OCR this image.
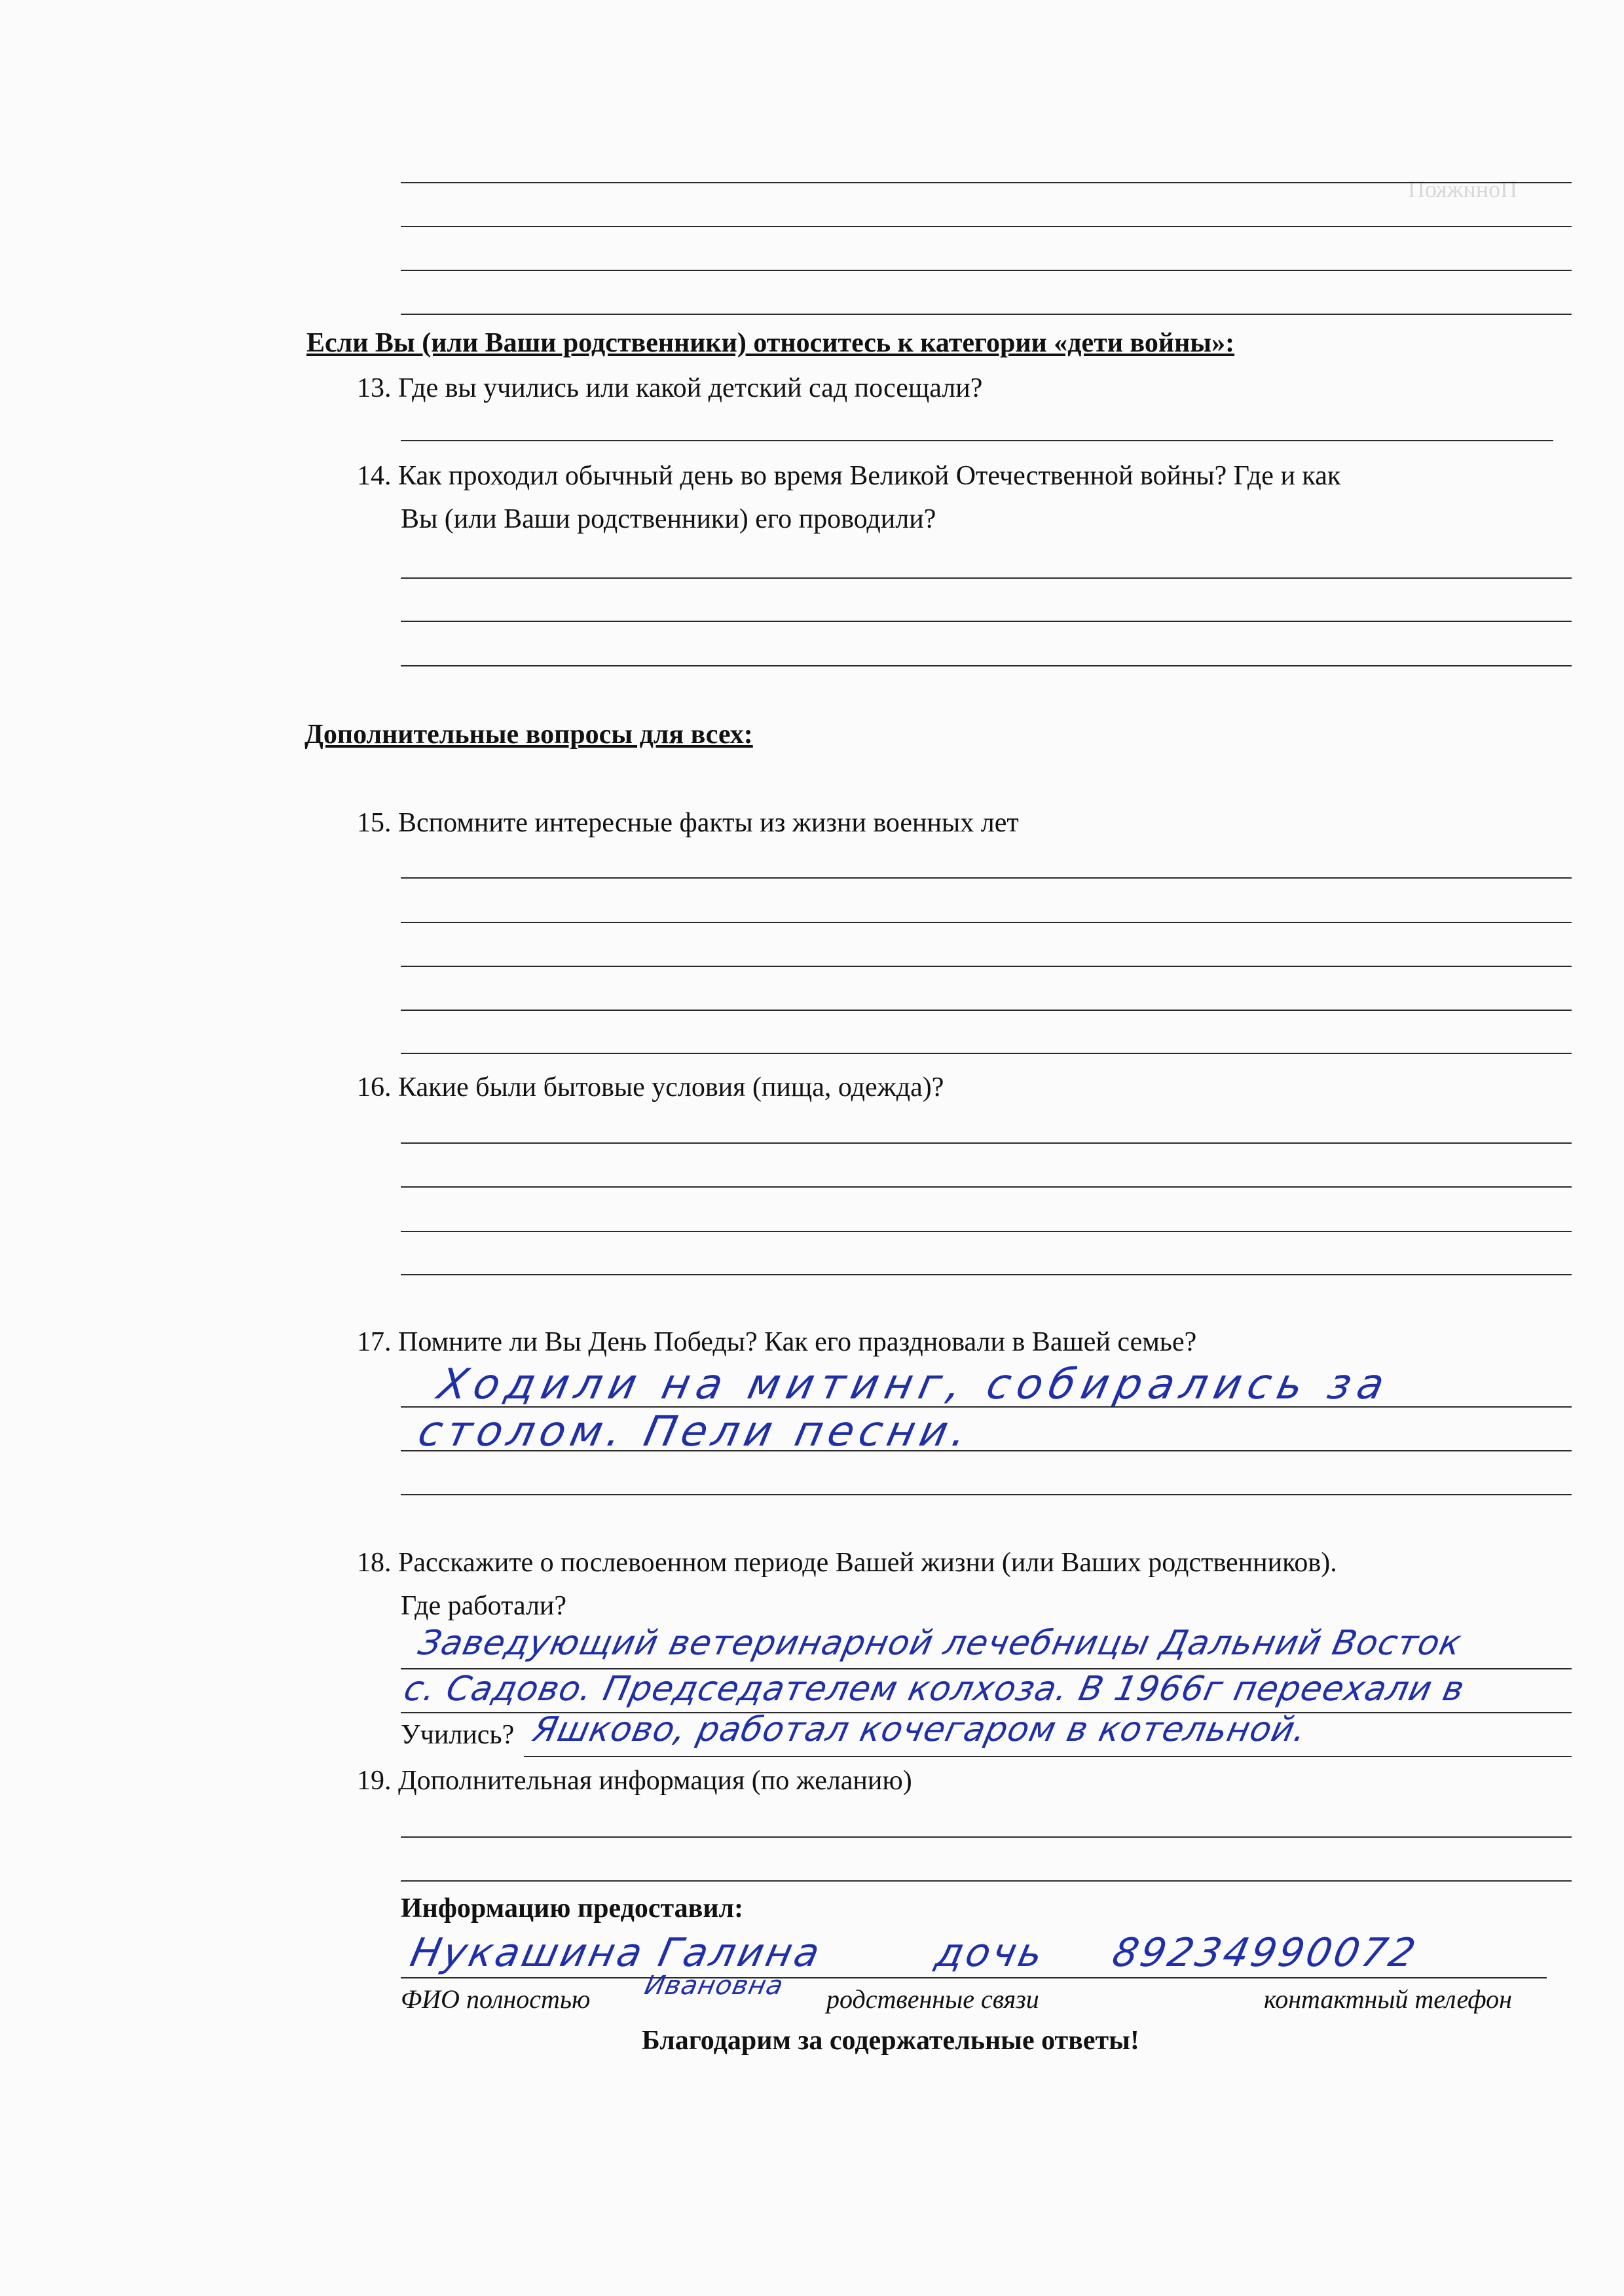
ПонижкоП
Если Вы (или Ваши родственники) относитесь к категории «дети войны»:
13. Где вы учились или какой детский сад посещали?
14. Как проходил обычный день во время Великой Отечественной войны? Где и как
Вы (или Ваши родственники) его проводили?
Дополнительные вопросы для всех:
15. Вспомните интересные факты из жизни военных лет
16. Какие были бытовые условия (пища, одежда)?
17. Помните ли Вы День Победы? Как его праздновали в Вашей семье?
Ходили на митинг, собирались за
столом. Пели песни.
18. Расскажите о послевоенном периоде Вашей жизни (или Ваших родственников).
Где работали?
Заведующий ветеринарной лечебницы Дальний Восток
с. Садово. Председателем колхоза. В 1966г переехали в
Учились? Яшково, работал кочегаром в котельной.
19. Дополнительная информация (по желанию)
Информацию предоставил:
Нукашина Галина	дочь 89234990072
ФИО полностью Ивановна родственные связи	контактный телефон
Благодарим за содержательные ответы!
